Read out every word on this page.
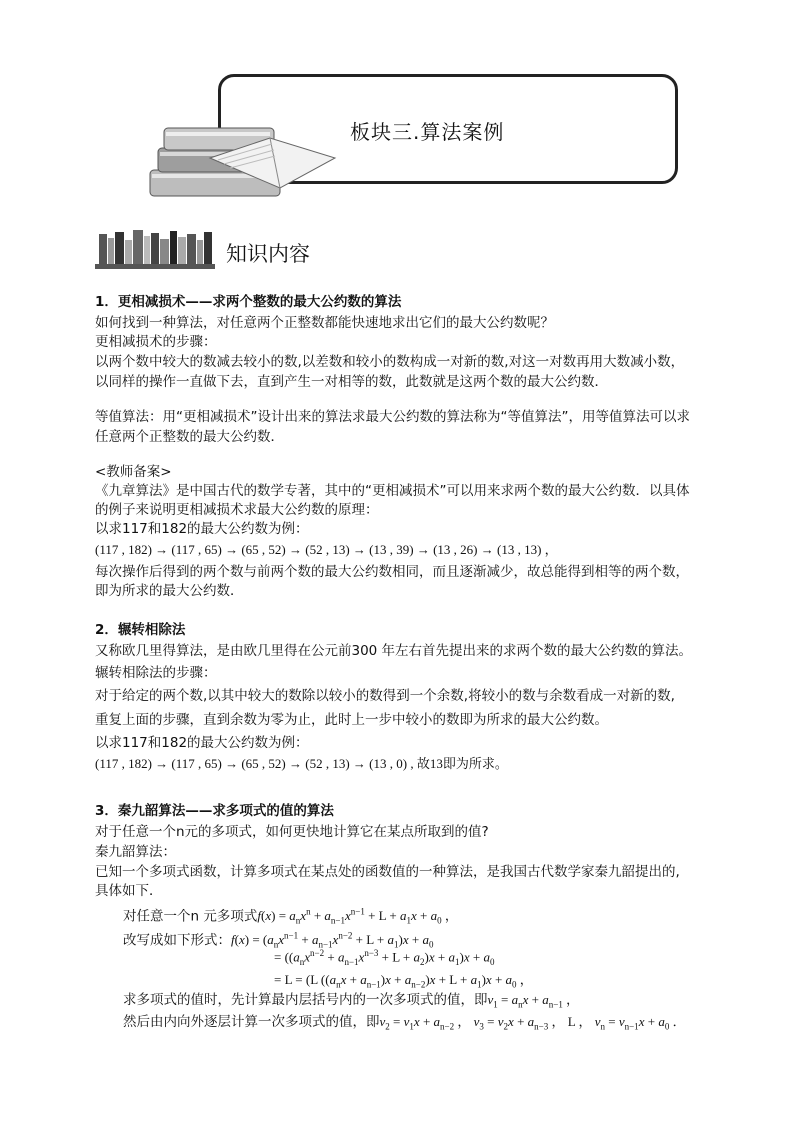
板块三.算法案例
知识内容
1．更相减损术——求两个整数的最大公约数的算法
如何找到一种算法，对任意两个正整数都能快速地求出它们的最大公约数呢？
更相减损术的步骤：
以两个数中较大的数减去较小的数,以差数和较小的数构成一对新的数,对这一对数再用大数减小数，
以同样的操作一直做下去，直到产生一对相等的数，此数就是这两个数的最大公约数．
等值算法：用“更相减损术”设计出来的算法求最大公约数的算法称为“等值算法”，用等值算法可以求
任意两个正整数的最大公约数．
<教师备案>
《九章算法》是中国古代的数学专著，其中的“更相减损术”可以用来求两个数的最大公约数．以具体
的例子来说明更相减损术求最大公约数的原理：
以求117和182的最大公约数为例：
(117 , 182) → (117 , 65) → (65 , 52) → (52 , 13) → (13 , 39) → (13 , 26) → (13 , 13) ，
每次操作后得到的两个数与前两个数的最大公约数相同，而且逐渐减少，故总能得到相等的两个数，
即为所求的最大公约数．
2．辗转相除法
又称欧几里得算法，是由欧几里得在公元前300 年左右首先提出来的求两个数的最大公约数的算法。
辗转相除法的步骤：
对于给定的两个数,以其中较大的数除以较小的数得到一个余数,将较小的数与余数看成一对新的数,
重复上面的步骤，直到余数为零为止，此时上一步中较小的数即为所求的最大公约数。
以求117和182的最大公约数为例：
(117 , 182) → (117 , 65) → (65 , 52) → (52 , 13) → (13 , 0) , 故13即为所求。
3．秦九韶算法——求多项式的值的算法
对于任意一个n元的多项式，如何更快地计算它在某点所取到的值?
秦九韶算法：
已知一个多项式函数，计算多项式在某点处的函数值的一种算法，是我国古代数学家秦九韶提出的,
具体如下．
对任意一个n 元多项式$f(x) = a_nx^n + a_{n-1}x^{n-1} + L + a_1x + a_0$ ，
改写成如下形式：$f(x) = (a_nx^{n-1} + a_{n-1}x^{n-2} + L + a_1)x + a_0$
= $((a_nx^{n-2} + a_{n-1}x^{n-3} + L + a_2)x + a_1)x + a_0$
= L = (L $((a_nx + a_{n-1})x + a_{n-2})x + L + a_1)x + a_0$ ，
求多项式的值时，先计算最内层括号内的一次多项式的值，即$v_1 = a_nx + a_{n-1}$ ，
然后由内向外逐层计算一次多项式的值，即$v_2 = v_1x + a_{n-2}$ ， $v_3 = v_2x + a_{n-3}$ ， L ， $v_n = v_{n-1}x + a_0$ ．
